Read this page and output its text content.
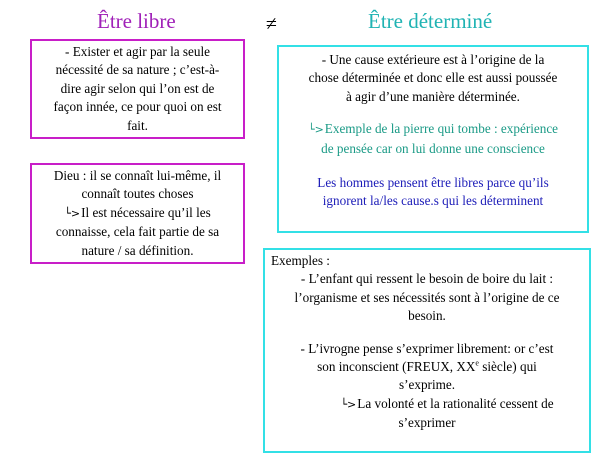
Être libre	≠	Être déterminé

- Exister et agir par la seule

nécessité de sa nature ; c’est-à-

dire agir selon qui l’on est de

façon innée, ce pour quoi on est

fait.

Dieu : il se connaît lui-même, il

connaît toutes choses

└>Il est nécessaire qu’il les

connaisse, cela fait partie de sa

nature / sa définition.

- Une cause extérieure est à l’origine de la

chose déterminée et donc elle est aussi poussée

à agir d’une manière déterminée.

└>Exemple de la pierre qui tombe : expérience

de pensée car on lui donne une conscience

Les hommes pensent être libres parce qu’ils

ignorent la/les cause.s qui les déterminent

Exemples :

- L’enfant qui ressent le besoin de boire du lait :

l’organisme et ses nécessités sont à l’origine de ce

besoin.

- L’ivrogne pense s’exprimer librement: or c’est

son inconscient (FREUX, XXe siècle) qui

s’exprime.

└>La volonté et la rationalité cessent de

s’exprimer
